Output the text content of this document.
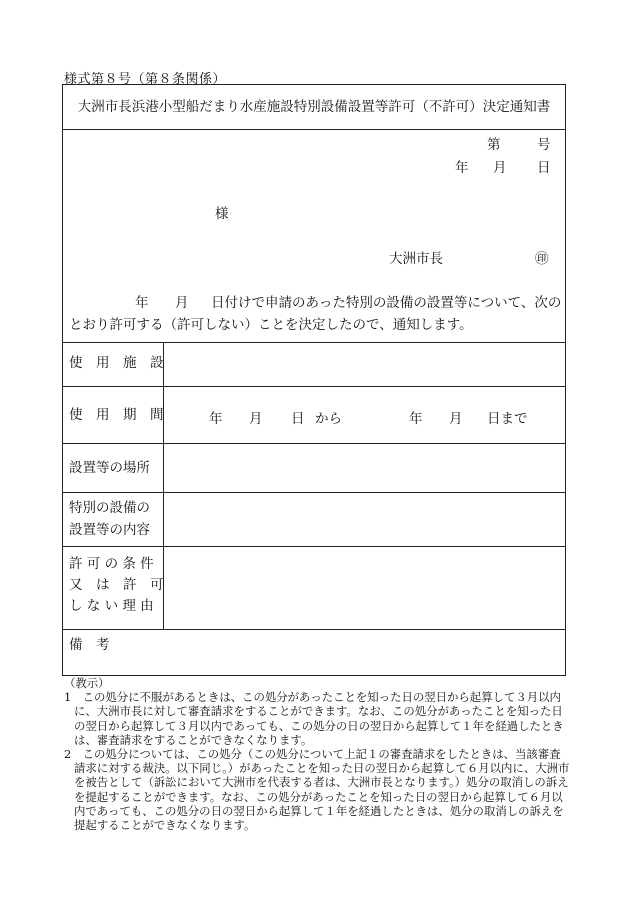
様式第８号（第８条関係）
大洲市長浜港小型船だまり水産施設特別設備設置等許可（不許可）決定通知書
第	号
年 月 日
様
大洲市長	㊞
年 月 日付けで申請のあった特別の設備の設置等について、次の
とおり許可する（許可しない）ことを決定したので、通知します。
使　用　施　設
使　用　期　間	年 月 日 から	年 月 日まで
設置等の場所
特別の設備の
設置等の内容
許 可 の 条 件
又　は　許　可
し な い 理 由
備　考
（教示）
1　この処分に不服があるときは、この処分があったことを知った日の翌日から起算して３月以内に、大洲市長に対して審査請求をすることができます。なお、この処分があったことを知った日の翌日から起算して３月以内であっても、この処分の日の翌日から起算して１年を経過したときは、審査請求をすることができなくなります。
2　この処分については、この処分（この処分について上記１の審査請求をしたときは、当該審査請求に対する裁決。以下同じ。）があったことを知った日の翌日から起算して６月以内に、大洲市を被告として（訴訟において大洲市を代表する者は、大洲市長となります。）処分の取消しの訴えを提起することができます。なお、この処分があったことを知った日の翌日から起算して６月以内であっても、この処分の日の翌日から起算して１年を経過したときは、処分の取消しの訴えを提起することができなくなります。
